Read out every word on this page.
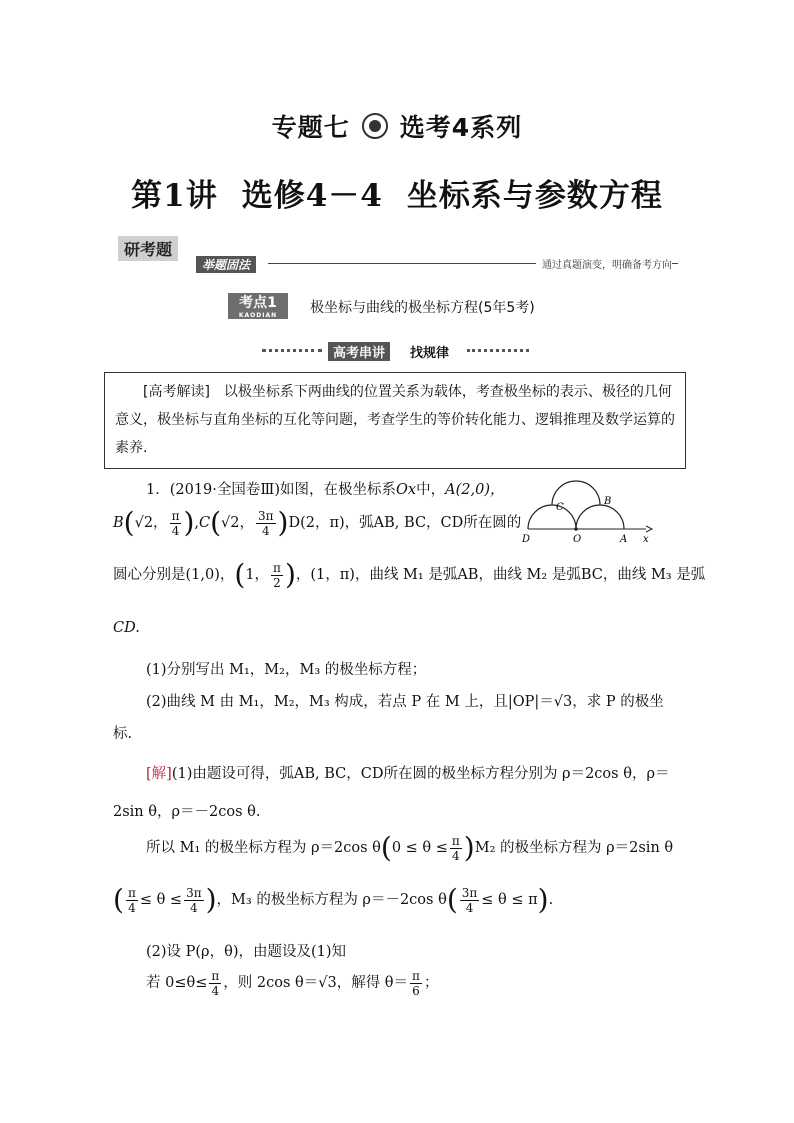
专题七 选考4系列
第1讲 选修4－4 坐标系与参数方程
研考题
举题固法	通过真题演变，明确备考方向
考点1
KAODIAN	极坐标与曲线的极坐标方程(5年5考)
高考串讲	找规律
[高考解读]　以极坐标系下两曲线的位置关系为载体，考查极坐标的表示、极径的几何意义，极坐标与直角坐标的互化等问题，考查学生的等价转化能力、逻辑推理及数学运算的素养.
1．(2019·全国卷Ⅲ)如图，在极坐标系Ox中，A(2,0)，
B(√2， $\frac{\pi}{4} ),C(√2$， $\frac{3\pi}{4} )D(2$，π)，弧AB, BC，CD所在圆的
C
B
D	O	A x
圆心分别是(1,0)，(1， $\frac{\pi}{2}$ )，(1，π)，曲线 M₁ 是弧AB，曲线 M₂ 是弧BC，曲线 M₃ 是弧
CD.
(1)分别写出 M₁，M₂，M₃ 的极坐标方程；
(2)曲线 M 由 M₁，M₂，M₃ 构成，若点 P 在 M 上，且|OP|＝√3，求 P 的极坐
标.
[解](1)由题设可得，弧AB, BC，CD所在圆的极坐标方程分别为 ρ＝2cos θ，ρ＝
2sin θ，ρ＝－2cos θ.
所以 M₁ 的极坐标方程为 ρ＝2cos $\theta(0 \le \theta \le \frac{\pi}{4} )M_2$ 的极坐标方程为 ρ＝2sin θ
( $\frac{\pi}{4} \le \theta \le \frac{3\pi}{4}$ )，M₃ 的极坐标方程为 ρ＝－2cos $\theta( \frac{3\pi}{4} \le \theta \le \pi)$.
(2)设 P(ρ，θ)，由题设及(1)知
若 $0\le\theta\le \frac{\pi}{4}$ ，则 2cos θ＝√3，解得 $\theta= \frac{\pi}{6}$ ；
